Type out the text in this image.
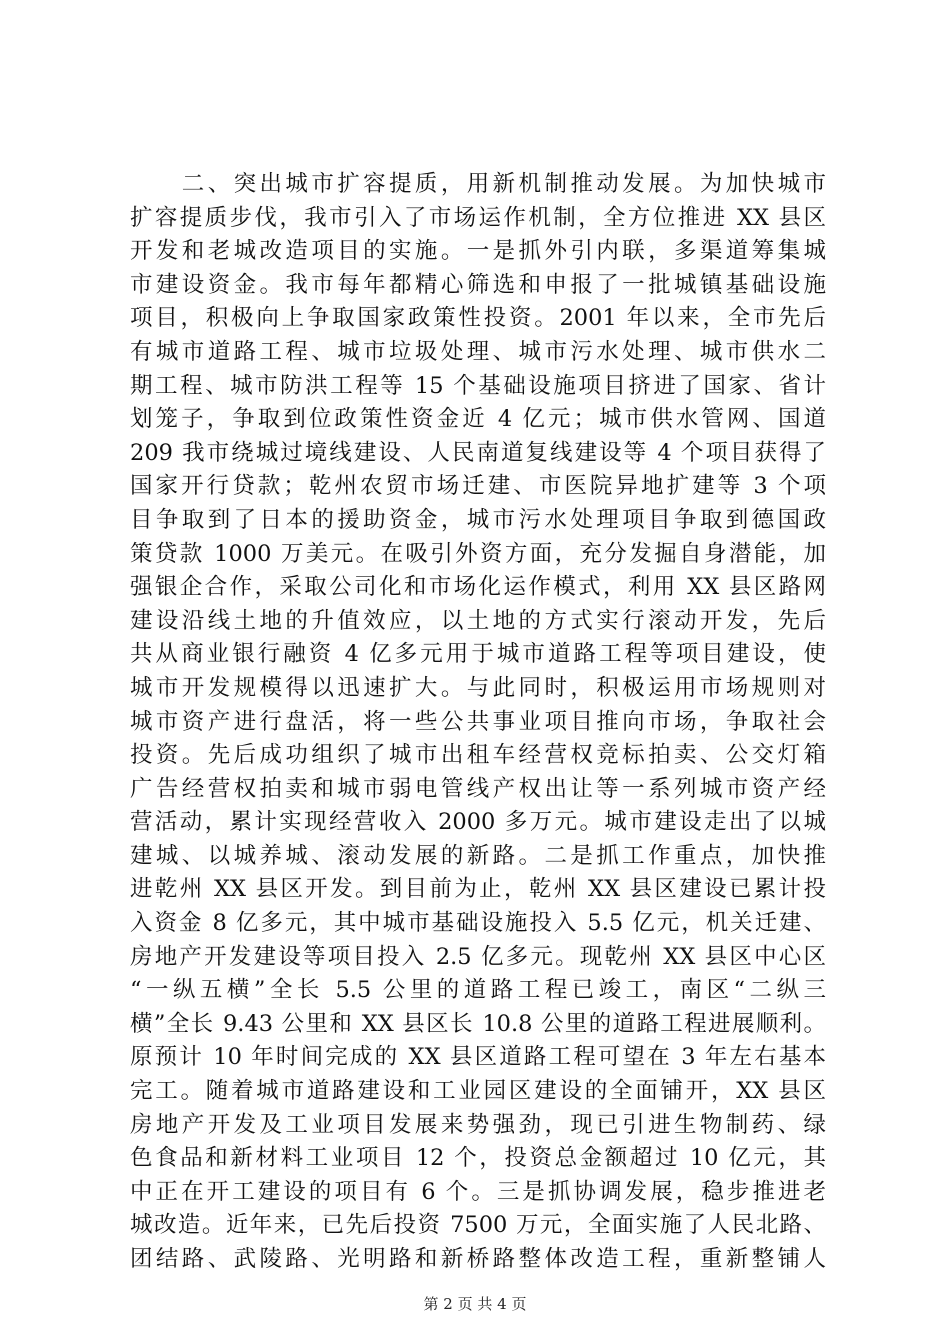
　　二、突出城市扩容提质，用新机制推动发展。为加快城市
扩容提质步伐，我市引入了市场运作机制，全方位推进 XX 县区
开发和老城改造项目的实施。一是抓外引内联，多渠道筹集城
市建设资金。我市每年都精心筛选和申报了一批城镇基础设施
项目，积极向上争取国家政策性投资。2001 年以来，全市先后
有城市道路工程、城市垃圾处理、城市污水处理、城市供水二
期工程、城市防洪工程等 15 个基础设施项目挤进了国家、省计
划笼子，争取到位政策性资金近 4 亿元；城市供水管网、国道
209 我市绕城过境线建设、人民南道复线建设等 4 个项目获得了
国家开行贷款；乾州农贸市场迁建、市医院异地扩建等 3 个项
目争取到了日本的援助资金，城市污水处理项目争取到德国政
策贷款 1000 万美元。在吸引外资方面，充分发掘自身潜能，加
强银企合作，采取公司化和市场化运作模式，利用 XX 县区路网
建设沿线土地的升值效应，以土地的方式实行滚动开发，先后
共从商业银行融资 4 亿多元用于城市道路工程等项目建设，使
城市开发规模得以迅速扩大。与此同时，积极运用市场规则对
城市资产进行盘活，将一些公共事业项目推向市场，争取社会
投资。先后成功组织了城市出租车经营权竞标拍卖、公交灯箱
广告经营权拍卖和城市弱电管线产权出让等一系列城市资产经
营活动，累计实现经营收入 2000 多万元。城市建设走出了以城
建城、以城养城、滚动发展的新路。二是抓工作重点，加快推
进乾州 XX 县区开发。到目前为止，乾州 XX 县区建设已累计投
入资金 8 亿多元，其中城市基础设施投入 5.5 亿元，机关迁建、
房地产开发建设等项目投入 2.5 亿多元。现乾州 XX 县区中心区
“一纵五横”全长 5.5 公里的道路工程已竣工，南区“二纵三
横”全长 9.43 公里和 XX 县区长 10.8 公里的道路工程进展顺利。
原预计 10 年时间完成的 XX 县区道路工程可望在 3 年左右基本
完工。随着城市道路建设和工业园区建设的全面铺开，XX 县区
房地产开发及工业项目发展来势强劲，现已引进生物制药、绿
色食品和新材料工业项目 12 个，投资总金额超过 10 亿元，其
中正在开工建设的项目有 6 个。三是抓协调发展，稳步推进老
城改造。近年来，已先后投资 7500 万元，全面实施了人民北路、
团结路、武陵路、光明路和新桥路整体改造工程，重新整铺人
第 2 页 共 4 页
